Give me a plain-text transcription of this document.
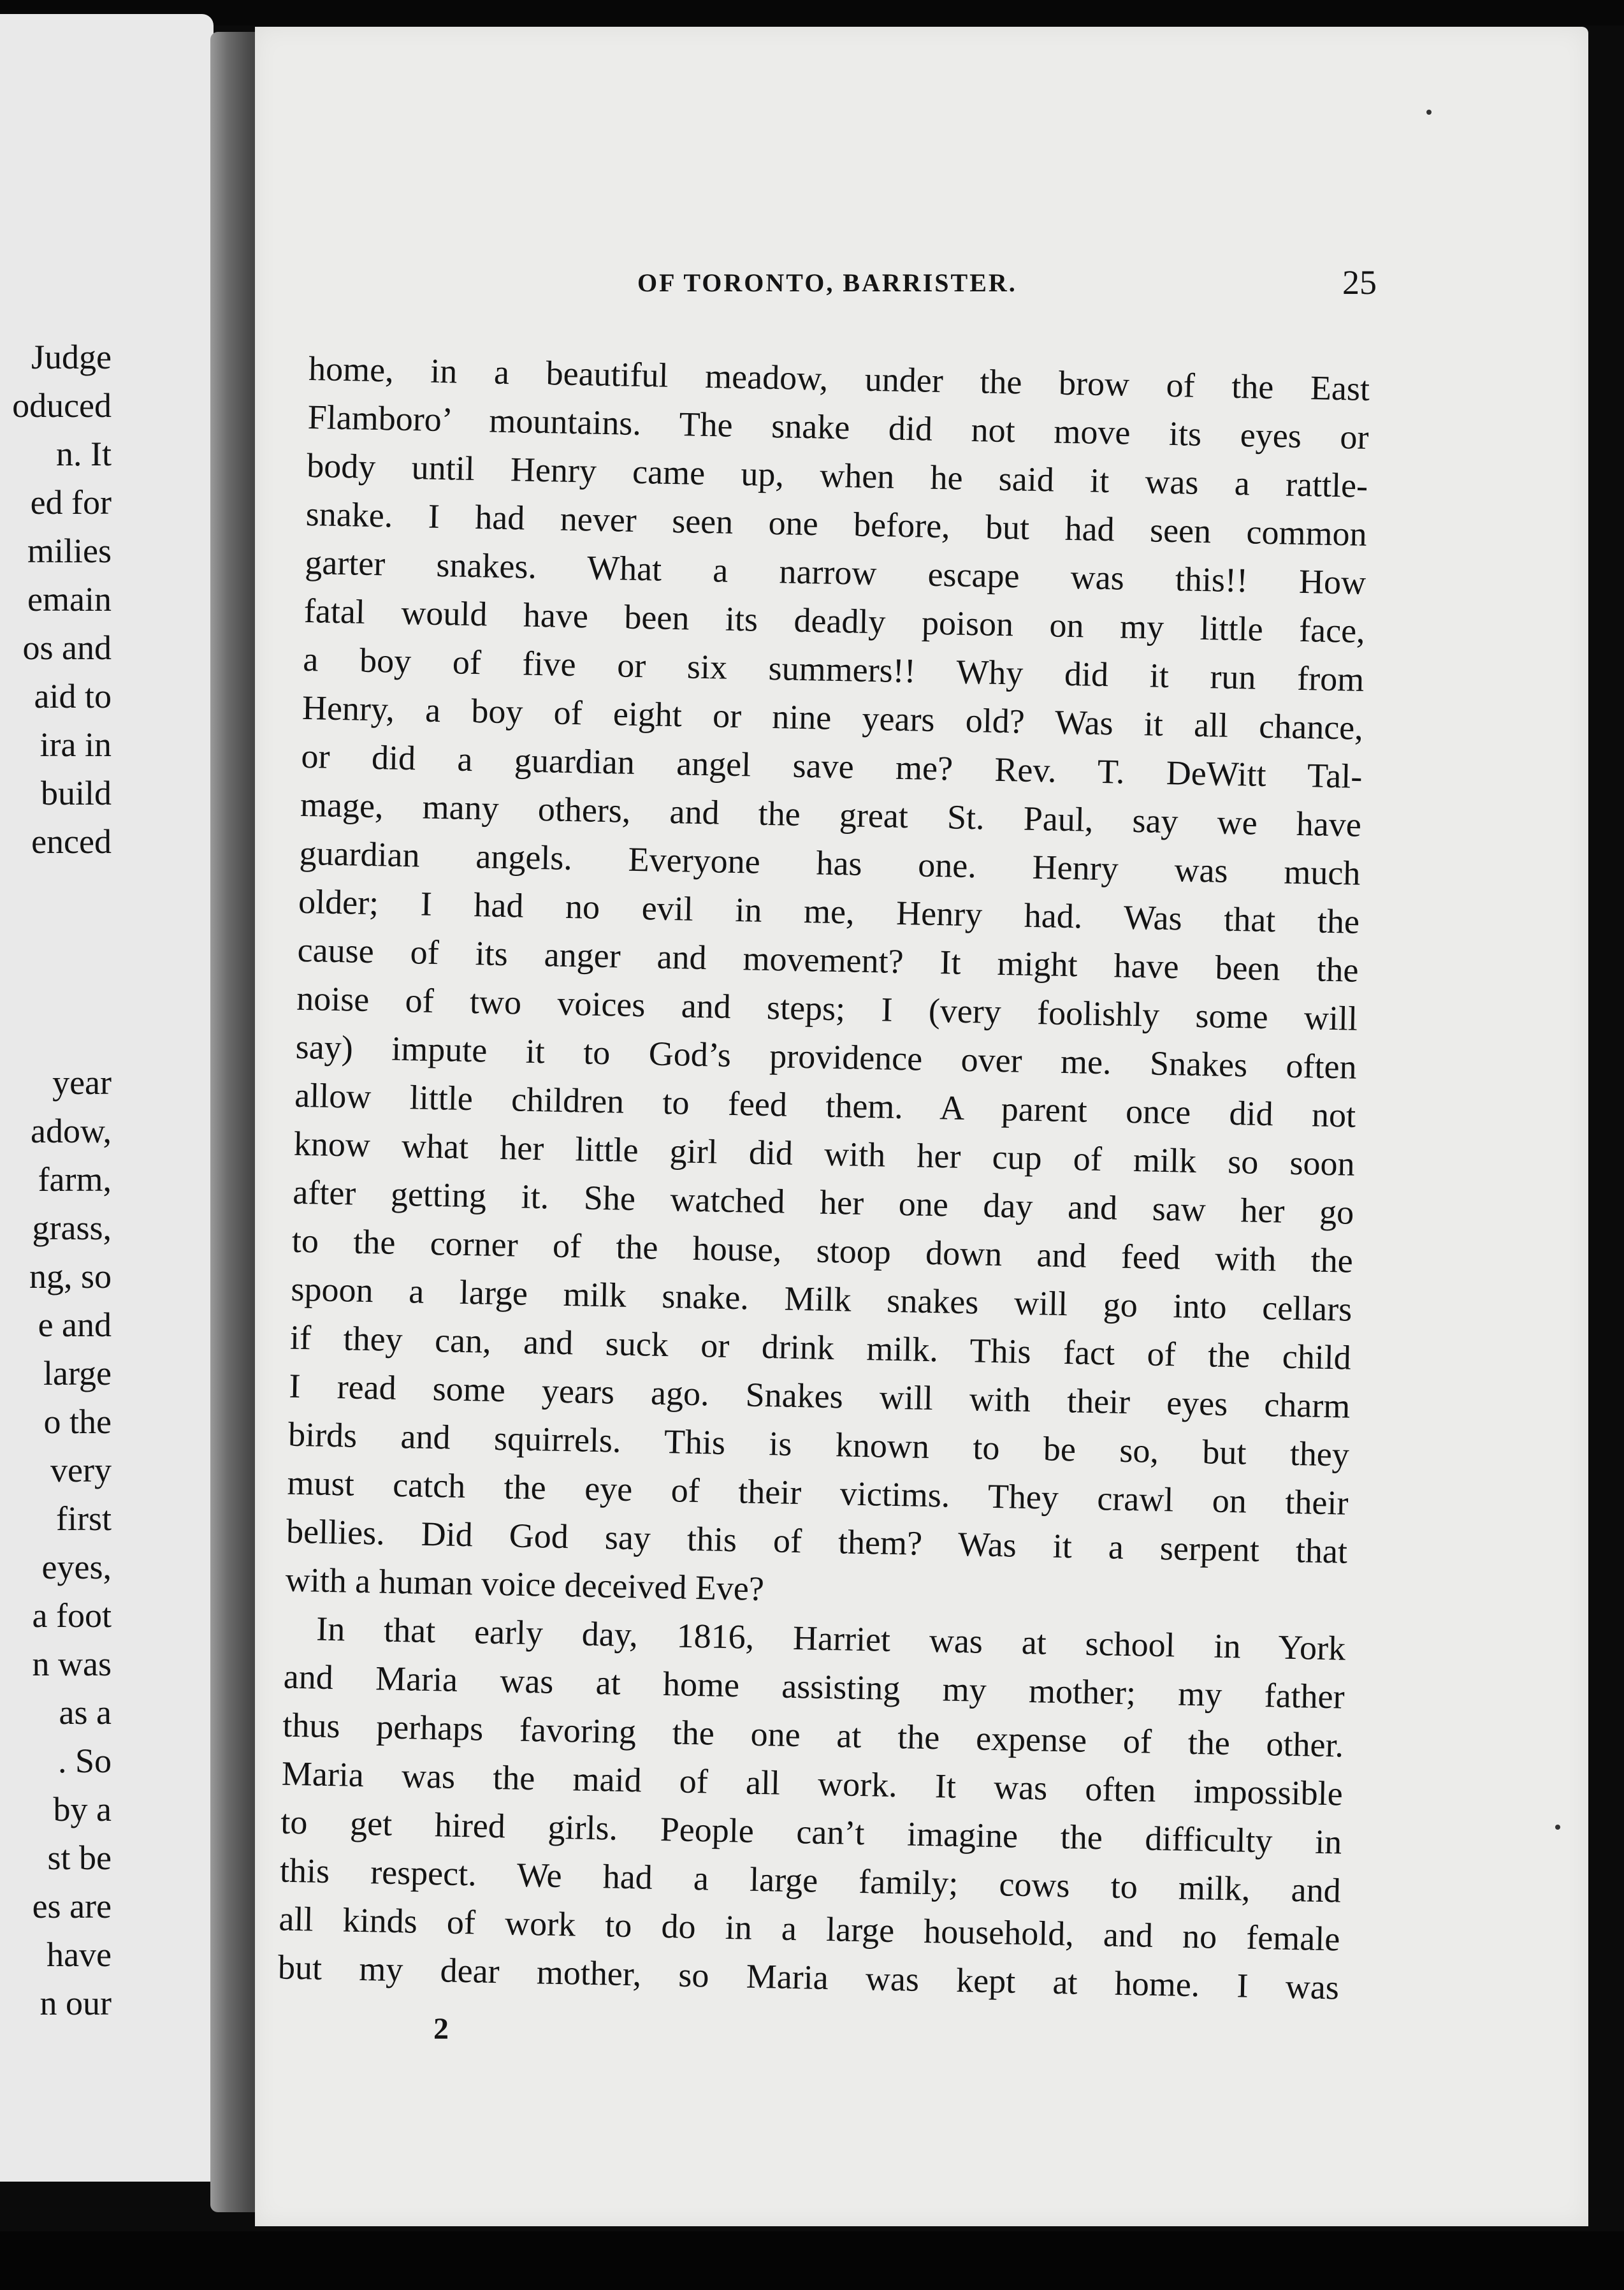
Judge
oduced
n. It
ed for
milies
emain
os and
aid to
ira in
build
enced
year
adow,
farm,
grass,
ng, so
e and
large
o the
very
first
eyes,
a foot
n was
as a
. So
by a
st be
es are
have
n our
OF TORONTO, BARRISTER.	25
home, in a beautiful meadow, under the brow of the East
Flamboro’ mountains. The snake did not move its eyes or
body until Henry came up, when he said it was a rattle-
snake. I had never seen one before, but had seen common
garter snakes. What a narrow escape was this!! How
fatal would have been its deadly poison on my little face,
a boy of five or six summers!! Why did it run from
Henry, a boy of eight or nine years old? Was it all chance,
or did a guardian angel save me? Rev. T. DeWitt Tal-
mage, many others, and the great St. Paul, say we have
guardian angels. Everyone has one. Henry was much
older; I had no evil in me, Henry had. Was that the
cause of its anger and movement? It might have been the
noise of two voices and steps; I (very foolishly some will
say) impute it to God’s providence over me. Snakes often
allow little children to feed them. A parent once did not
know what her little girl did with her cup of milk so soon
after getting it. She watched her one day and saw her go
to the corner of the house, stoop down and feed with the
spoon a large milk snake. Milk snakes will go into cellars
if they can, and suck or drink milk. This fact of the child
I read some years ago. Snakes will with their eyes charm
birds and squirrels. This is known to be so, but they
must catch the eye of their victims. They crawl on their
bellies. Did God say this of them? Was it a serpent that
with a human voice deceived Eve?
In that early day, 1816, Harriet was at school in York
and Maria was at home assisting my mother; my father
thus perhaps favoring the one at the expense of the other.
Maria was the maid of all work. It was often impossible
to get hired girls. People can’t imagine the difficulty in
this respect. We had a large family; cows to milk, and
all kinds of work to do in a large household, and no female
but my dear mother, so Maria was kept at home. I was
2
